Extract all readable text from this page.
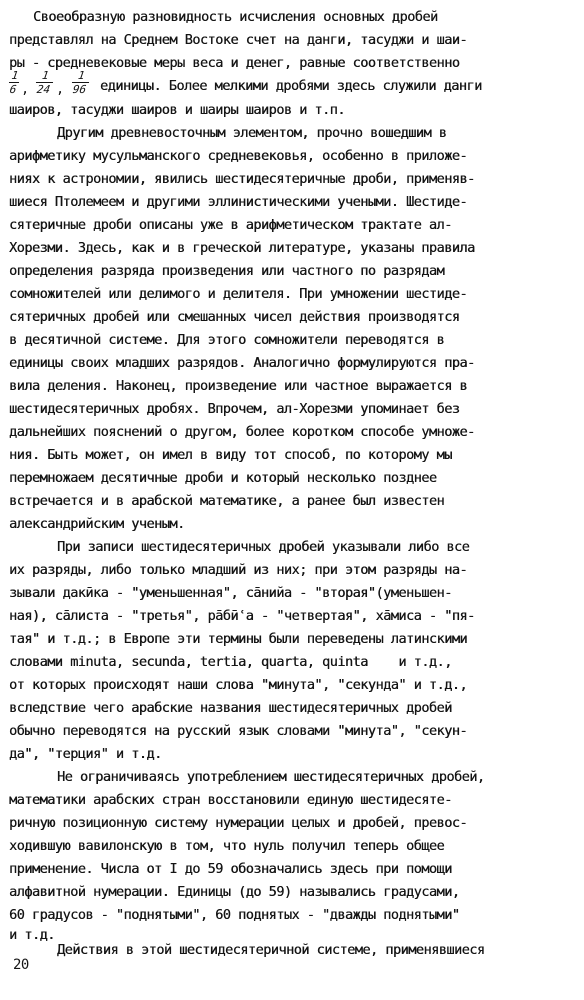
Своеобразную разновидность исчисления основных дробей
представлял на Среднем Востоке счет на данги, тасуджи и шаи-
ры - средневековые меры веса и денег, равные соответственно
1
6 ,
1
24 ,
1
96 единицы. Более мелкими дробями здесь служили данги
шаиров, тасуджи шаиров и шаиры шаиров и т.п.
Другим древневосточным элементом, прочно вошедшим в
арифметику мусульманского средневековья, особенно в приложе-
ниях к астрономии, явились шестидесятеричные дроби, применяв-
шиеся Птолемеем и другими эллинистическими учеными. Шестиде-
сятеричные дроби описаны уже в арифметическом трактате ал-
Хорезми. Здесь, как и в греческой литературе, указаны правила
определения разряда произведения или частного по разрядам
сомножителей или делимого и делителя. При умножении шестиде-
сятеричных дробей или смешанных чисел действия производятся
в десятичной системе. Для этого сомножители переводятся в
единицы своих младших разрядов. Аналогично формулируются пра-
вила деления. Наконец, произведение или частное выражается в
шестидесятеричных дробях. Впрочем, ал-Хорезми упоминает без
дальнейших пояснений о другом, более коротком способе умноже-
ния. Быть может, он имел в виду тот способ, по которому мы
перемножаем десятичные дроби и который несколько позднее
встречается и в арабской математике, а ранее был известен
александрийским ученым.
При записи шестидесятеричных дробей указывали либо все
их разряды, либо только младший из них; при этом разряды на-
зывали дакӣка - "уменьшенная", са̄нийа - "вторая"(уменьшен-
ная), са̄листа - "третья", ра̄бӣʿа - "четвертая", ха̄миса - "пя-
тая" и т.д.; в Европе эти термины были переведены латинскими
словами minuta, secunda, tertia, quarta, quinta    и т.д.,
от которых происходят наши слова "минута", "секунда" и т.д.,
вследствие чего арабские названия шестидесятеричных дробей
обычно переводятся на русский язык словами "минута", "секун-
да", "терция" и т.д.
Не ограничиваясь употреблением шестидесятеричных дробей,
математики арабских стран восстановили единую шестидесяте-
ричную позиционную систему нумерации целых и дробей, превос-
ходившую вавилонскую в том, что нуль получил теперь общее
применение. Числа от I до 59 обозначались здесь при помощи
алфавитной нумерации. Единицы (до 59) назывались градусами,
60 градусов - "поднятыми", 60 поднятых - "дважды поднятыми"
и т.д.
Действия в этой шестидесятеричной системе, применявшиеся
20
